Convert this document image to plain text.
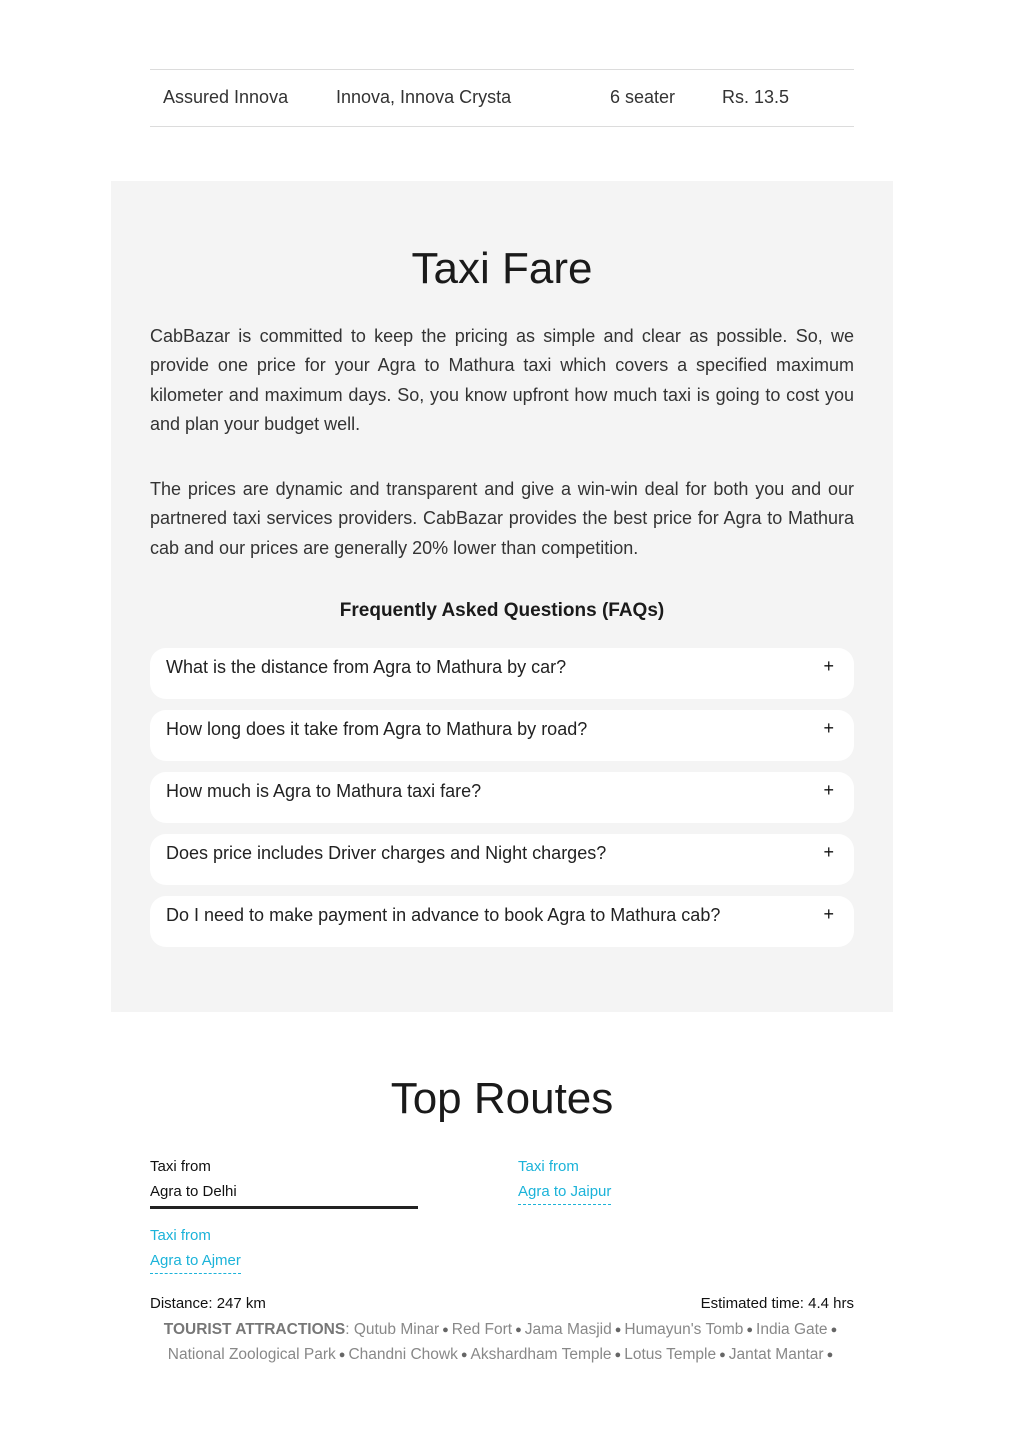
Assured Innova	Innova, Innova Crysta	6 seater	Rs. 13.5
Taxi Fare

CabBazar is committed to keep the pricing as simple and clear as possible. So, we provide one price for your Agra to Mathura taxi which covers a specified maximum kilometer and maximum days. So, you know upfront how much taxi is going to cost you and plan your budget well.

The prices are dynamic and transparent and give a win-win deal for both you and our partnered taxi services providers. CabBazar provides the best price for Agra to Mathura cab and our prices are generally 20% lower than competition.

Frequently Asked Questions (FAQs)
What is the distance from Agra to Mathura by car?	+
How long does it take from Agra to Mathura by road?	+
How much is Agra to Mathura taxi fare?	+
Does price includes Driver charges and Night charges?	+
Do I need to make payment in advance to book Agra to Mathura cab?	+
Top Routes
Taxi from
Agra to Delhi
Taxi from
Agra to Jaipur
Taxi from
Agra to Ajmer
Distance: 247 km	Estimated time: 4.4 hrs
TOURIST ATTRACTIONS: Qutub Minar ● Red Fort ● Jama Masjid ● Humayun's Tomb ● India Gate ●
National Zoological Park ● Chandni Chowk ● Akshardham Temple ● Lotus Temple ● Jantat Mantar ●
